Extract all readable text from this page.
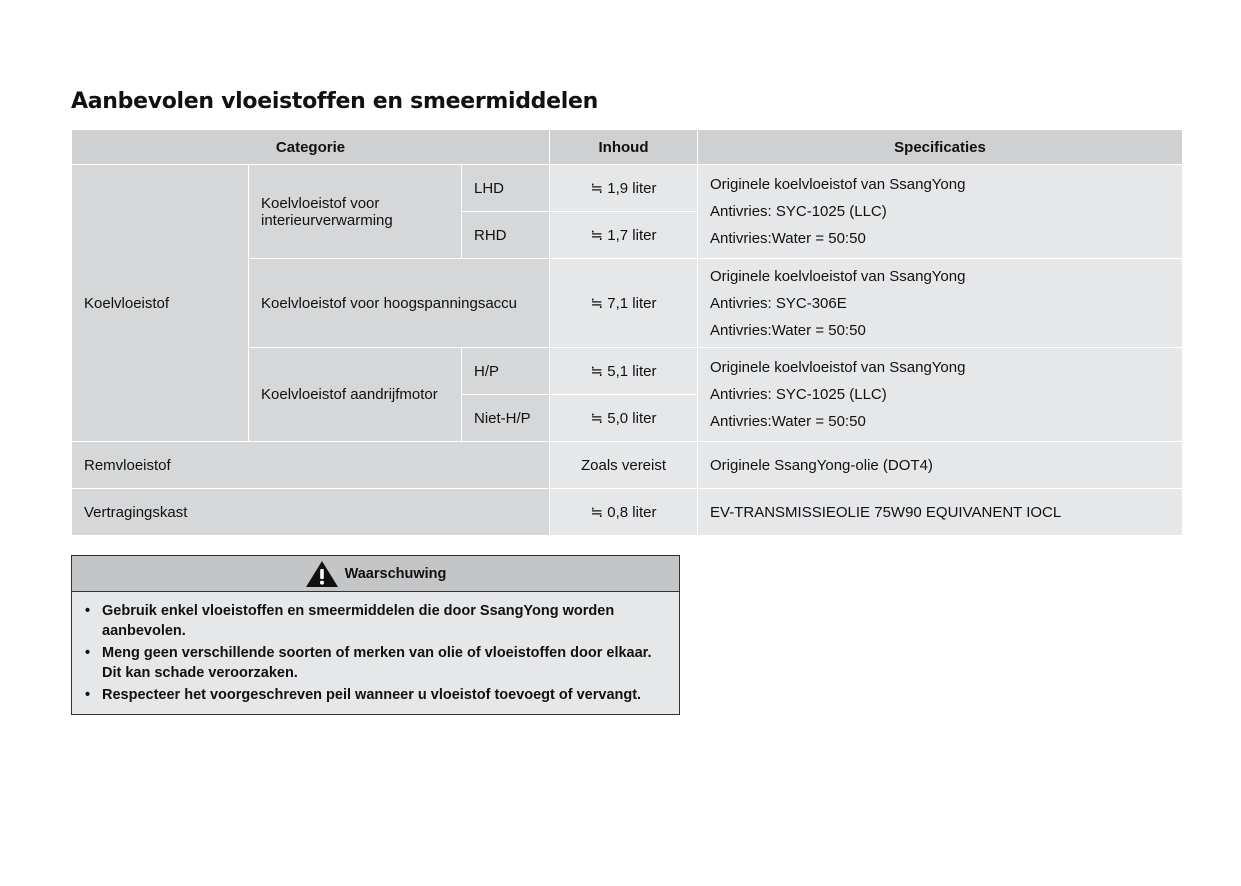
Aanbevolen vloeistoffen en smeermiddelen
Categorie			Inhoud	Specificaties
Koelvloeistof	Koelvloeistof voor interieurverwarming	LHD	≒ 1,9 liter	Originele koelvloeistof van SsangYong
Antivries: SYC-1025 (LLC)
Antivries:Water = 50:50

		RHD	≒ 1,7 liter	
	Koelvloeistof voor hoogspanningsaccu		≒ 7,1 liter	Originele koelvloeistof van SsangYong
Antivries: SYC-306E
Antivries:Water = 50:50

	Koelvloeistof aandrijfmotor	H/P	≒ 5,1 liter	Originele koelvloeistof van SsangYong
Antivries: SYC-1025 (LLC)
Antivries:Water = 50:50

		Niet-H/P	≒ 5,0 liter	
Remvloeistof			Zoals vereist	Originele SsangYong-olie (DOT4)
Vertragingskast			≒ 0,8 liter	EV-TRANSMISSIEOLIE 75W90 EQUIVANENT IOCL
Waarschuwing
• Gebruik enkel vloeistoffen en smeermiddelen die door SsangYong worden
aanbevolen.
• Meng geen verschillende soorten of merken van olie of vloeistoffen door elkaar.
Dit kan schade veroorzaken.
• Respecteer het voorgeschreven peil wanneer u vloeistof toevoegt of vervangt.
